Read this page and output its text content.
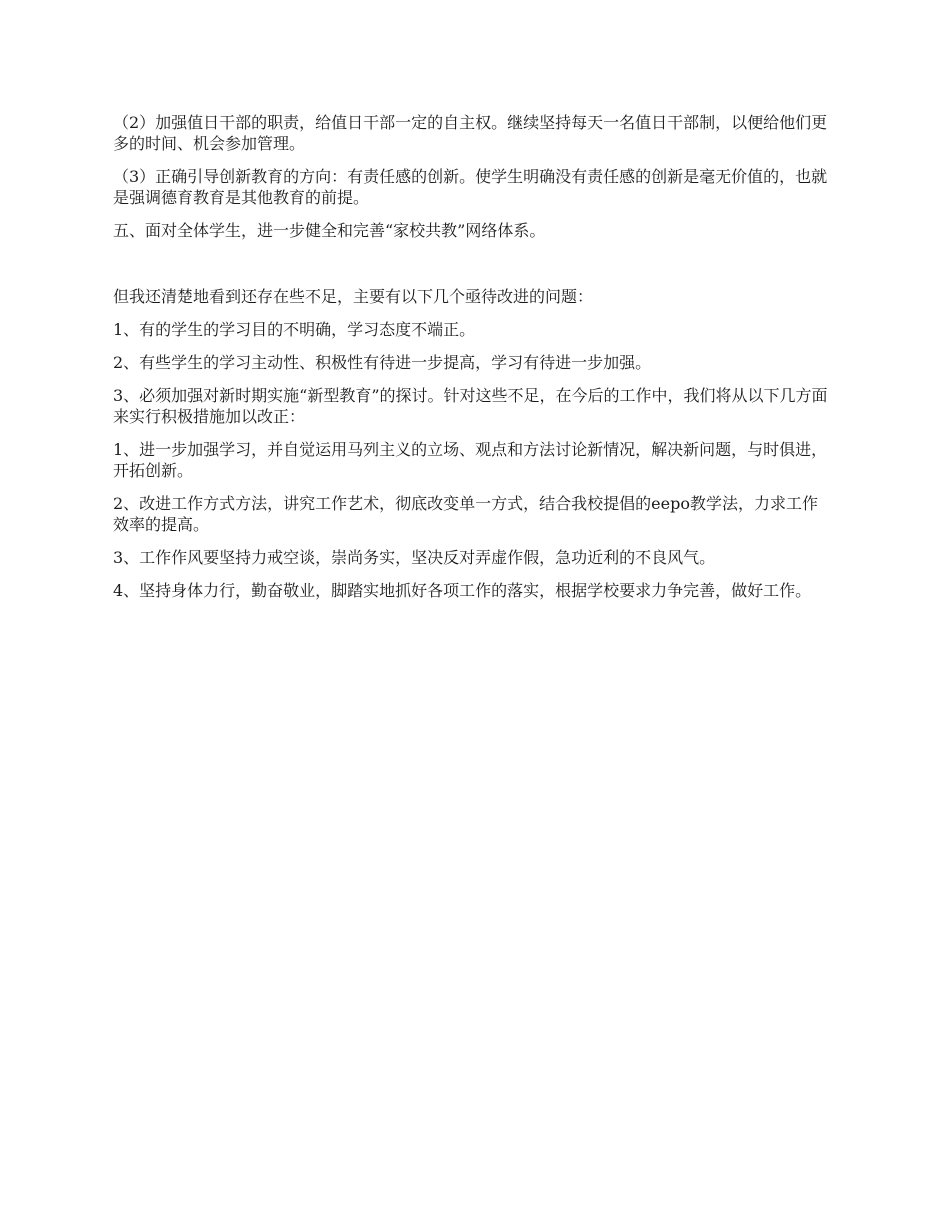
（2）加强值日干部的职责，给值日干部一定的自主权。继续坚持每天一名值日干部制，以便给他们更多的时间、机会参加管理。

（3）正确引导创新教育的方向：有责任感的创新。使学生明确没有责任感的创新是毫无价值的，也就是强调德育教育是其他教育的前提。

五、面对全体学生，进一步健全和完善“家校共教”网络体系。

但我还清楚地看到还存在些不足，主要有以下几个亟待改进的问题：

1、有的学生的学习目的不明确，学习态度不端正。

2、有些学生的学习主动性、积极性有待进一步提高，学习有待进一步加强。

3、必须加强对新时期实施“新型教育”的探讨。针对这些不足，在今后的工作中，我们将从以下几方面来实行积极措施加以改正：

1、进一步加强学习，并自觉运用马列主义的立场、观点和方法讨论新情况，解决新问题，与时俱进，开拓创新。

2、改进工作方式方法，讲究工作艺术，彻底改变单一方式，结合我校提倡的eepo教学法，力求工作效率的提高。

3、工作作风要坚持力戒空谈，崇尚务实，坚决反对弄虚作假，急功近利的不良风气。

4、坚持身体力行，勤奋敬业，脚踏实地抓好各项工作的落实，根据学校要求力争完善，做好工作。
